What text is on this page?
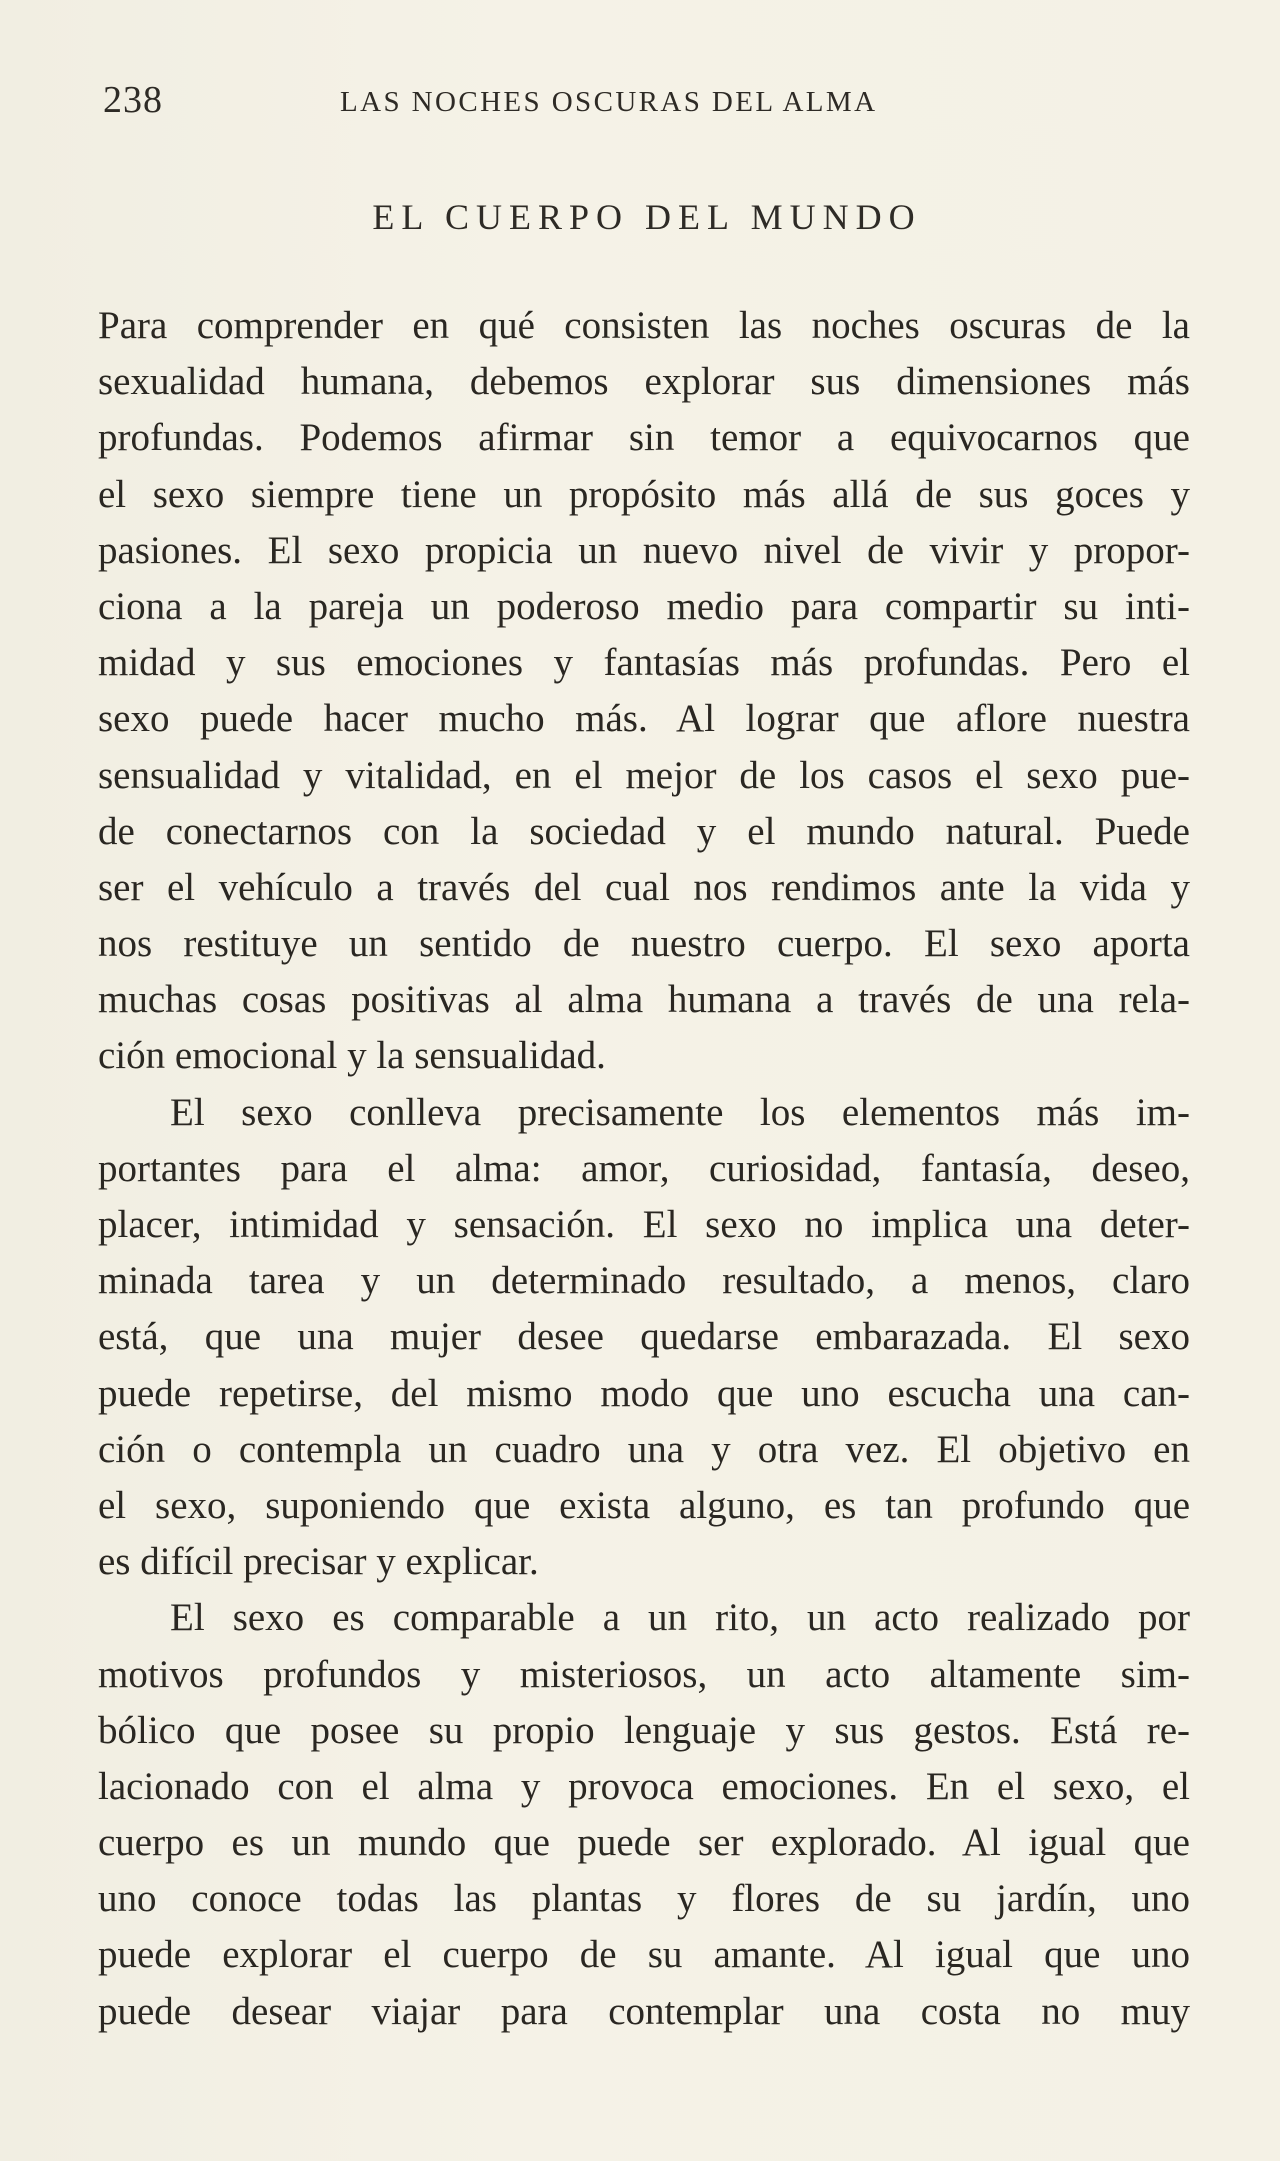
238	LAS NOCHES OSCURAS DEL ALMA
EL CUERPO DEL MUNDO
Para comprender en qué consisten las noches oscuras de la
sexualidad humana, debemos explorar sus dimensiones más
profundas. Podemos afirmar sin temor a equivocarnos que
el sexo siempre tiene un propósito más allá de sus goces y
pasiones. El sexo propicia un nuevo nivel de vivir y propor-
ciona a la pareja un poderoso medio para compartir su inti-
midad y sus emociones y fantasías más profundas. Pero el
sexo puede hacer mucho más. Al lograr que aflore nuestra
sensualidad y vitalidad, en el mejor de los casos el sexo pue-
de conectarnos con la sociedad y el mundo natural. Puede
ser el vehículo a través del cual nos rendimos ante la vida y
nos restituye un sentido de nuestro cuerpo. El sexo aporta
muchas cosas positivas al alma humana a través de una rela-
ción emocional y la sensualidad.
El sexo conlleva precisamente los elementos más im-
portantes para el alma: amor, curiosidad, fantasía, deseo,
placer, intimidad y sensación. El sexo no implica una deter-
minada tarea y un determinado resultado, a menos, claro
está, que una mujer desee quedarse embarazada. El sexo
puede repetirse, del mismo modo que uno escucha una can-
ción o contempla un cuadro una y otra vez. El objetivo en
el sexo, suponiendo que exista alguno, es tan profundo que
es difícil precisar y explicar.
El sexo es comparable a un rito, un acto realizado por
motivos profundos y misteriosos, un acto altamente sim-
bólico que posee su propio lenguaje y sus gestos. Está re-
lacionado con el alma y provoca emociones. En el sexo, el
cuerpo es un mundo que puede ser explorado. Al igual que
uno conoce todas las plantas y flores de su jardín, uno
puede explorar el cuerpo de su amante. Al igual que uno
puede desear viajar para contemplar una costa no muy
